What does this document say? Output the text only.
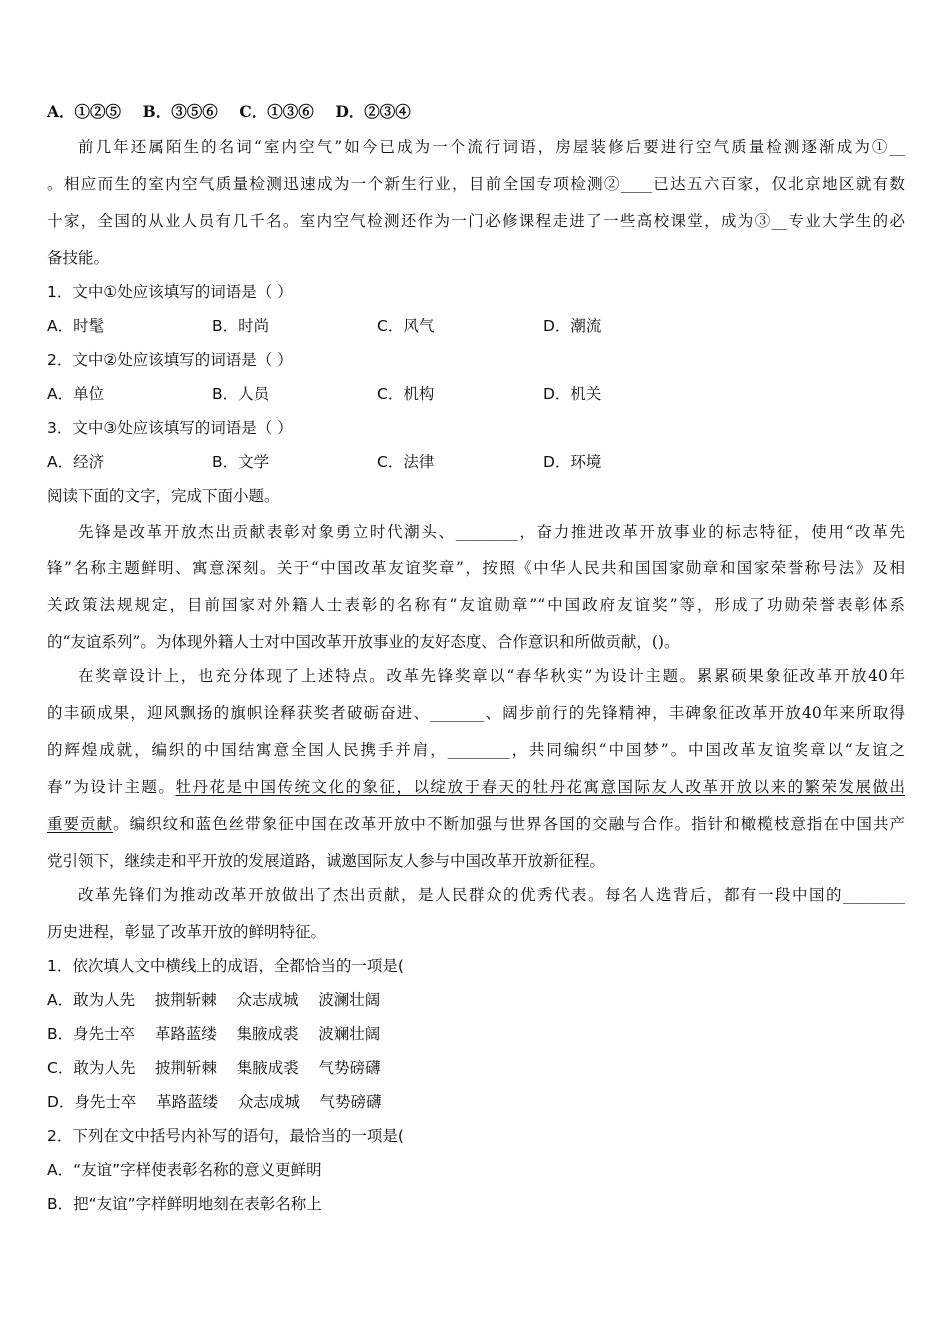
A．①②⑤ B．③⑤⑥ C．①③⑥ D．②③④
前几年还属陌生的名词“室内空气”如今已成为一个流行词语，房屋装修后要进行空气质量检测逐渐成为①__
。相应而生的室内空气质量检测迅速成为一个新生行业，目前全国专项检测②____已达五六百家，仅北京地区就有数
十家，全国的从业人员有几千名。室内空气检测还作为一门必修课程走进了一些高校课堂，成为③__专业大学生的必
备技能。
1．文中①处应该填写的词语是（ ）
A．时髦	B．时尚	C．风气	D．潮流
2．文中②处应该填写的词语是（ ）
A．单位	B．人员	C．机构	D．机关
3．文中③处应该填写的词语是（ ）
A．经济	B．文学	C．法律	D．环境
阅读下面的文字，完成下面小题。
先锋是改革开放杰出贡献表彰对象勇立时代潮头、________，奋力推进改革开放事业的标志特征，使用“改革先
锋”名称主题鲜明、寓意深刻。关于“中国改革友谊奖章”，按照《中华人民共和国国家勋章和国家荣誉称号法》及相
关政策法规规定，目前国家对外籍人士表彰的名称有“友谊勋章”“中国政府友谊奖”等，形成了功勋荣誉表彰体系
的“友谊系列”。为体现外籍人士对中国改革开放事业的友好态度、合作意识和所做贡献，()。
在奖章设计上，也充分体现了上述特点。改革先锋奖章以“春华秋实”为设计主题。累累硕果象征改革开放40年
的丰硕成果，迎风飘扬的旗帜诠释获奖者破砺奋进、_______、阔步前行的先锋精神，丰碑象征改革开放40年来所取得
的辉煌成就，编织的中国结寓意全国人民携手并肩，________，共同编织“中国梦”。中国改革友谊奖章以“友谊之
春”为设计主题。牡丹花是中国传统文化的象征，以绽放于春天的牡丹花寓意国际友人改革开放以来的繁荣发展做出
重要贡献。编织纹和蓝色丝带象征中国在改革开放中不断加强与世界各国的交融与合作。指针和橄榄枝意指在中国共产
党引领下，继续走和平开放的发展道路，诚邀国际友人参与中国改革开放新征程。
改革先锋们为推动改革开放做出了杰出贡献，是人民群众的优秀代表。每名人选背后，都有一段中国的________
历史进程，彰显了改革开放的鲜明特征。
1．依次填人文中横线上的成语，全都恰当的一项是(
A．敢为人先    披荆斩棘    众志成城    波澜壮阔
B．身先士卒    革路蓝缕    集腋成裘    波斓壮阔
C．敢为人先    披荆斩棘    集腋成裘    气势磅礴
D．身先士卒    革路蓝缕    众志成城    气势磅礴
2．下列在文中括号内补写的语句，最恰当的一项是(
A．“友谊”字样使表彰名称的意义更鲜明
B．把“友谊”字样鲜明地刻在表彰名称上
